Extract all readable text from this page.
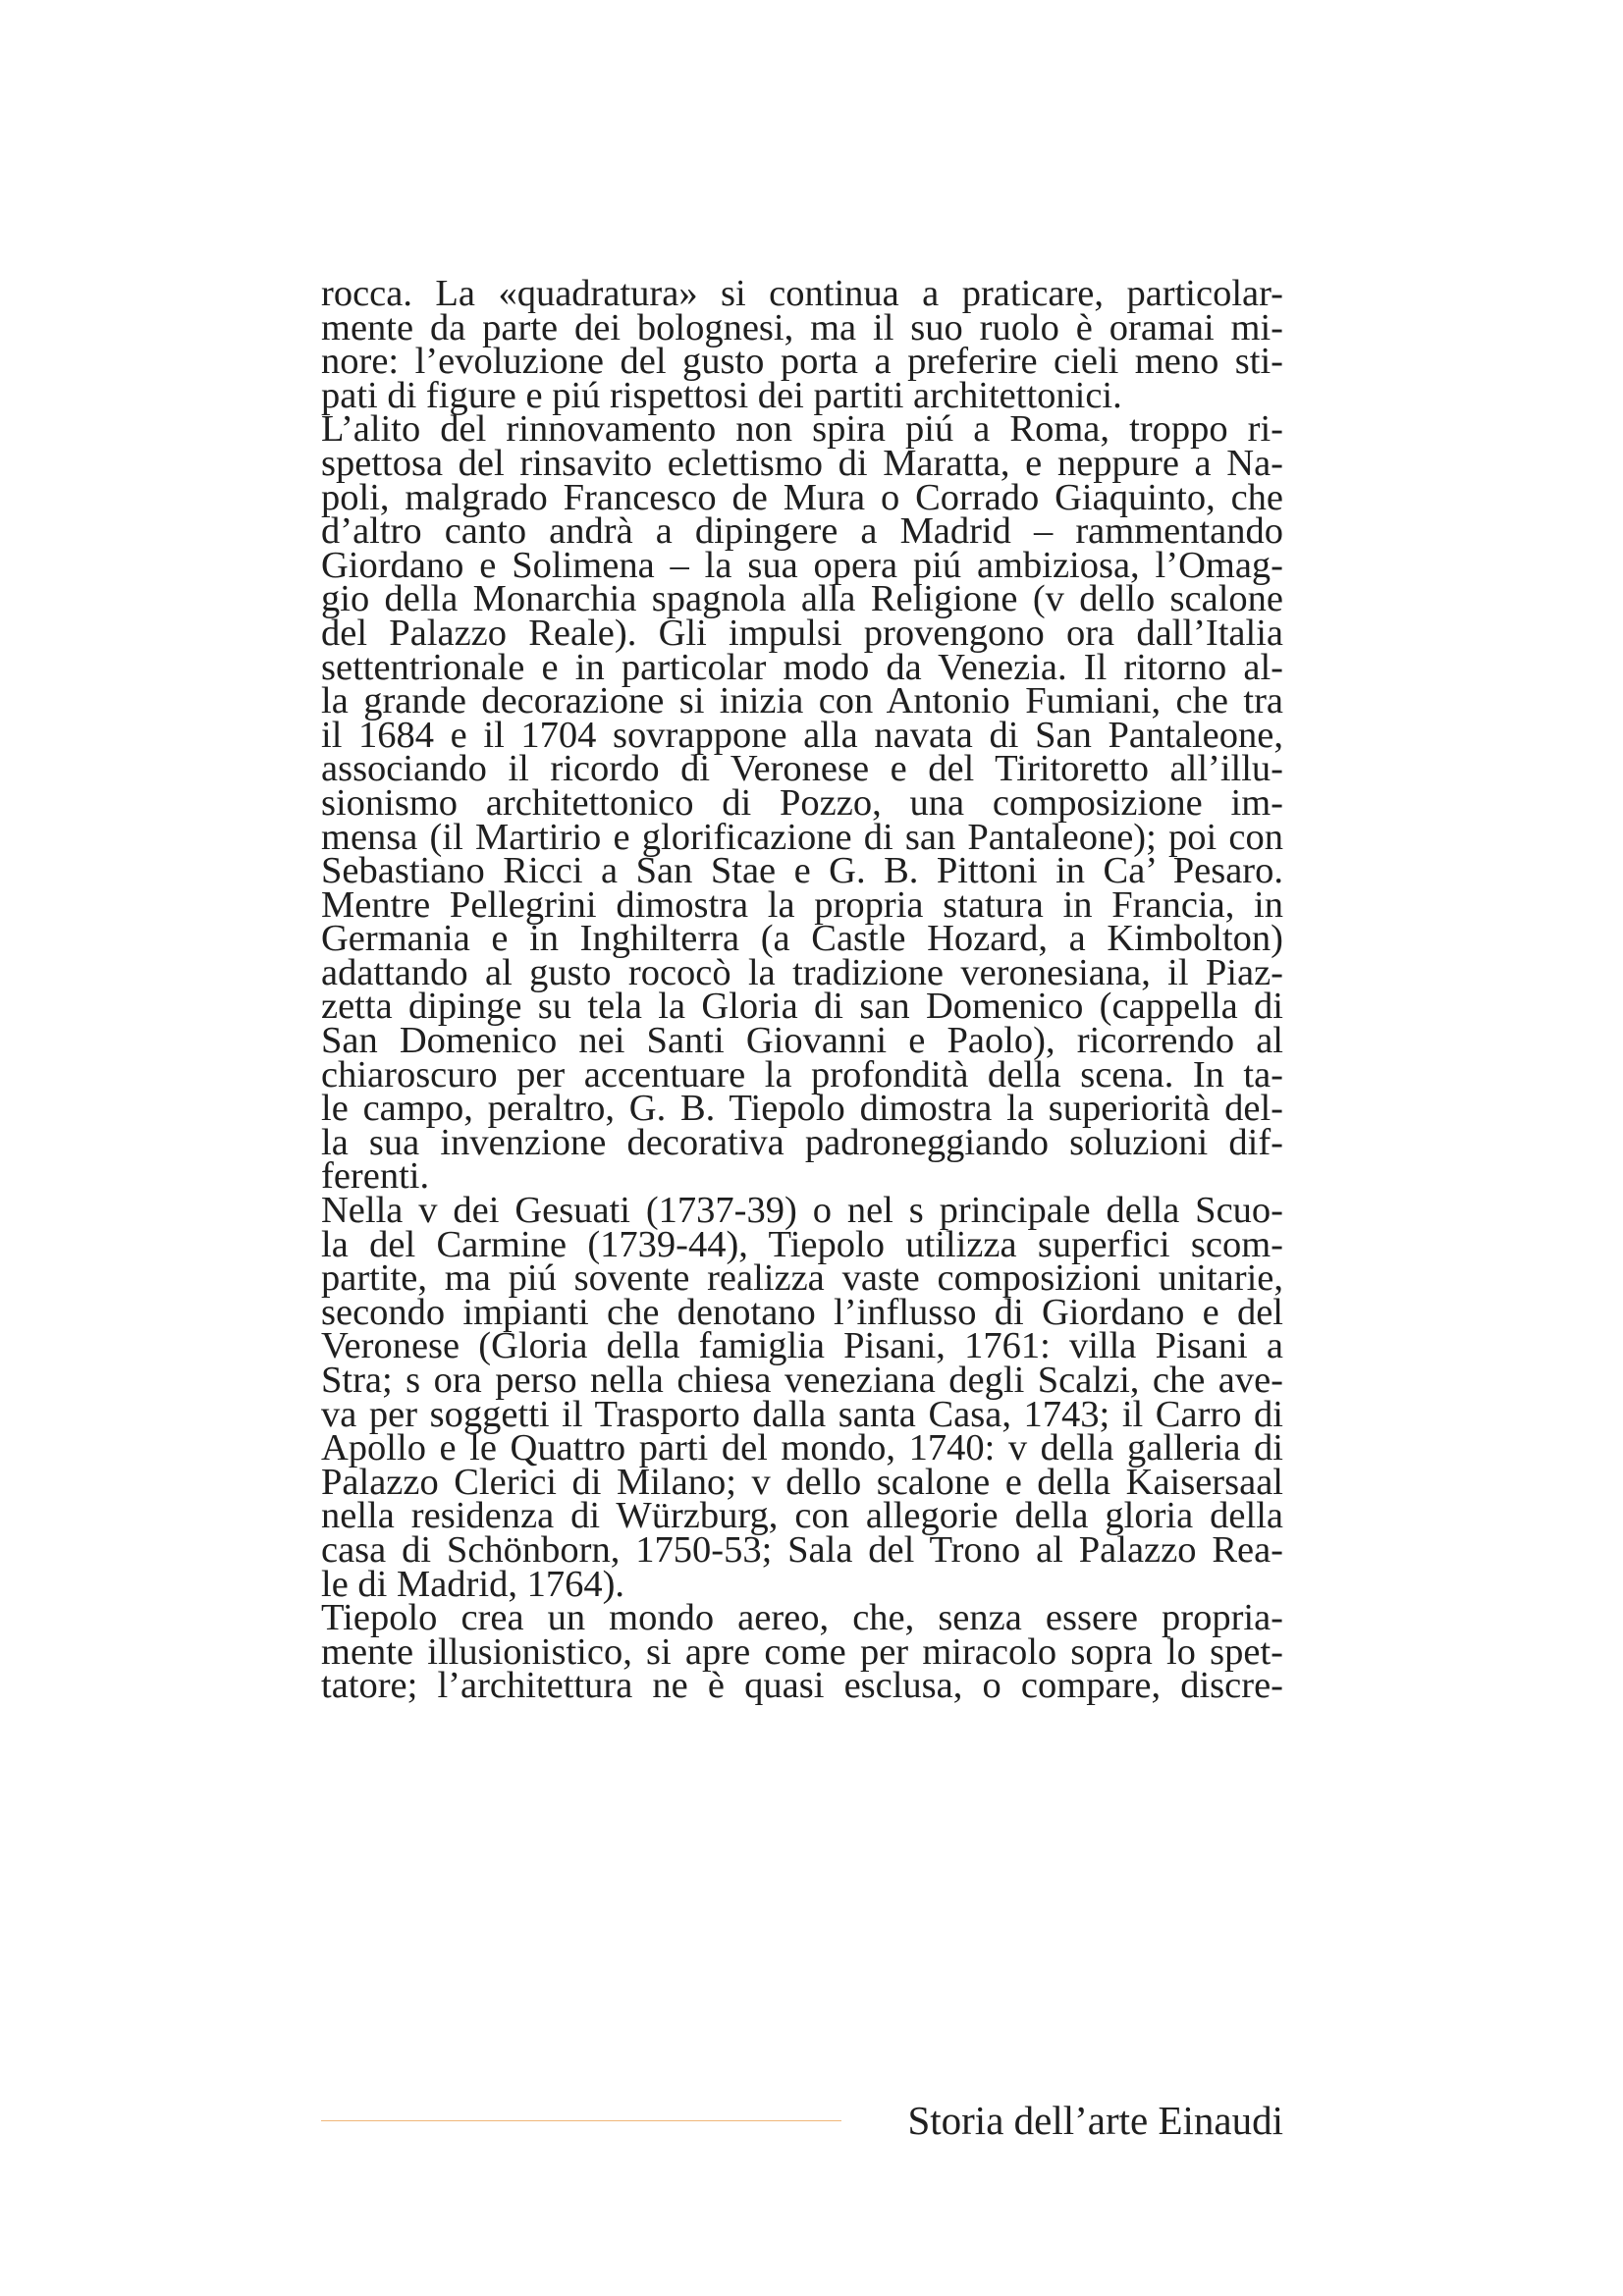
rocca. La «quadratura» si continua a praticare, particolar-
mente da parte dei bolognesi, ma il suo ruolo è oramai mi-
nore: l’evoluzione del gusto porta a preferire cieli meno sti-
pati di figure e piú rispettosi dei partiti architettonici.
L’alito del rinnovamento non spira piú a Roma, troppo ri-
spettosa del rinsavito eclettismo di Maratta, e neppure a Na-
poli, malgrado Francesco de Mura o Corrado Giaquinto, che
d’altro canto andrà a dipingere a Madrid – rammentando
Giordano e Solimena – la sua opera piú ambiziosa, l’Omag-
gio della Monarchia spagnola alla Religione (v dello scalone
del Palazzo Reale). Gli impulsi provengono ora dall’Italia
settentrionale e in particolar modo da Venezia. Il ritorno al-
la grande decorazione si inizia con Antonio Fumiani, che tra
il 1684 e il 1704 sovrappone alla navata di San Pantaleone,
associando il ricordo di Veronese e del Tiritoretto all’illu-
sionismo architettonico di Pozzo, una composizione im-
mensa (il Martirio e glorificazione di san Pantaleone); poi con
Sebastiano Ricci a San Stae e G. B. Pittoni in Ca’ Pesaro.
Mentre Pellegrini dimostra la propria statura in Francia, in
Germania e in Inghilterra (a Castle Hozard, a Kimbolton)
adattando al gusto rococò la tradizione veronesiana, il Piaz-
zetta dipinge su tela la Gloria di san Domenico (cappella di
San Domenico nei Santi Giovanni e Paolo), ricorrendo al
chiaroscuro per accentuare la profondità della scena. In ta-
le campo, peraltro, G. B. Tiepolo dimostra la superiorità del-
la sua invenzione decorativa padroneggiando soluzioni dif-
ferenti.
Nella v dei Gesuati (1737-39) o nel s principale della Scuo-
la del Carmine (1739-44), Tiepolo utilizza superfici scom-
partite, ma piú sovente realizza vaste composizioni unitarie,
secondo impianti che denotano l’influsso di Giordano e del
Veronese (Gloria della famiglia Pisani, 1761: villa Pisani a
Stra; s ora perso nella chiesa veneziana degli Scalzi, che ave-
va per soggetti il Trasporto dalla santa Casa, 1743; il Carro di
Apollo e le Quattro parti del mondo, 1740: v della galleria di
Palazzo Clerici di Milano; v dello scalone e della Kaisersaal
nella residenza di Würzburg, con allegorie della gloria della
casa di Schönborn, 1750-53; Sala del Trono al Palazzo Rea-
le di Madrid, 1764).
Tiepolo crea un mondo aereo, che, senza essere propria-
mente illusionistico, si apre come per miracolo sopra lo spet-
tatore; l’architettura ne è quasi esclusa, o compare, discre-
Storia dell’arte Einaudi
